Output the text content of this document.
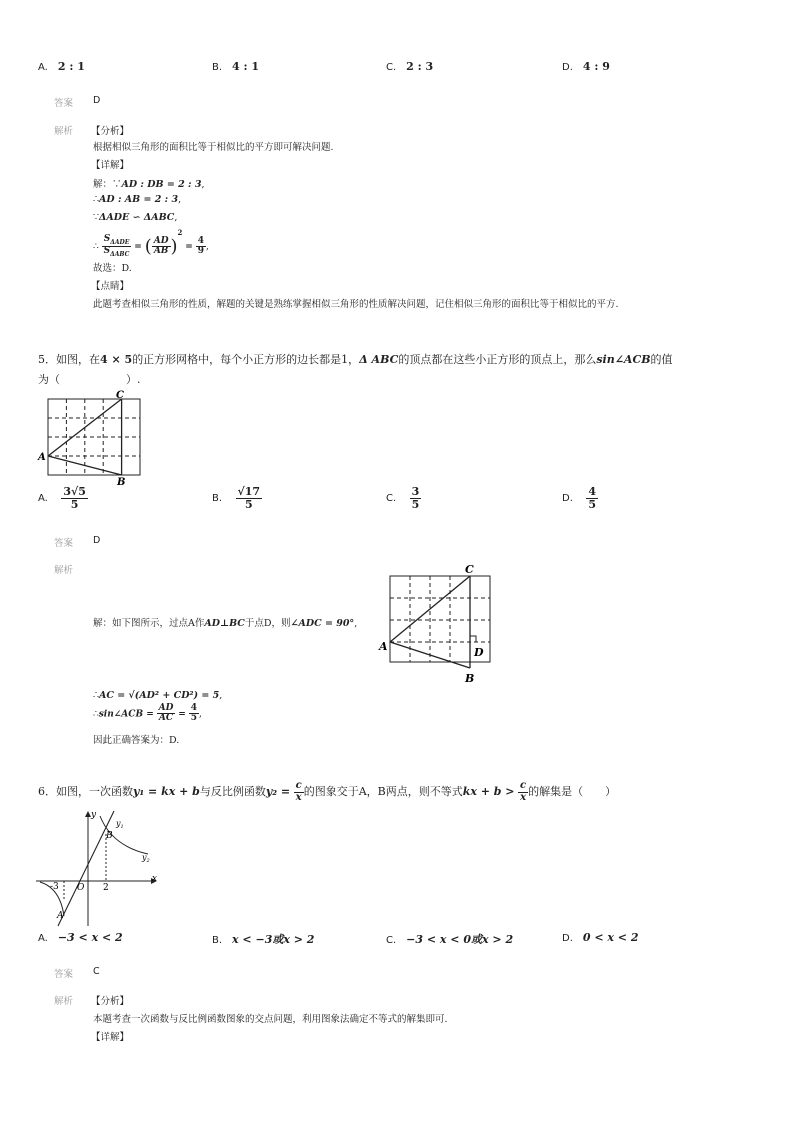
A. 2 : 1	B. 4 : 1	C. 2 : 3	D. 4 : 9
答案 D
解析 【分析】
根据相似三角形的面积比等于相似比的平方即可解决问题.
【详解】
解：∵AD : DB = 2 : 3,
∴AD : AB = 2 : 3,
∵ΔADE ∽ ΔABC,
∴ $\frac{S_{\Delta ADE}}{S_{\Delta ABC}}$ = ( $\frac{AD}{AB} )^2 = \frac{4}{9}$ ,
故选：D.
【点睛】
此题考查相似三角形的性质，解题的关键是熟练掌握相似三角形的性质解决问题，记住相似三角形的面积比等于相似比的平方.
5．如图，在4 × 5的正方形网格中，每个小正方形的边长都是1，Δ ABC的顶点都在这些小正方形的顶点上，那么sin∠ACB的值
为（　　　　　　）.
A
C
B
A. $\frac{3√5}{5}$	B. $\frac{√17}{5}$	C. $\frac{3}{5}$	D. $\frac{4}{5}$
答案 D
解析
解：如下图所示，过点A作AD⊥BC于点D，则∠ADC = 90°,
A
C
B
D
∴AC = √(AD² + CD²) = 5,
∴sin∠ACB = $\frac{AD}{AC} = \frac{4}{5}$ ,
因此正确答案为：D.
6．如图，一次函数y₁ = kx + b与反比例函数$y_2 = \frac{c}{x}$ 的图象交于A，B两点，则不等式kx + $b > \frac{c}{x}$ 的解集是（　　）
y
x
O
B
A
$y_1$
$y_2$
-3	2
A. −3 < x < 2	B. x < −3或x > 2	C. −3 < x < 0或x > 2	D. 0 < x < 2
答案 C
解析 【分析】
本题考查一次函数与反比例函数图象的交点问题，利用图象法确定不等式的解集即可.
【详解】
